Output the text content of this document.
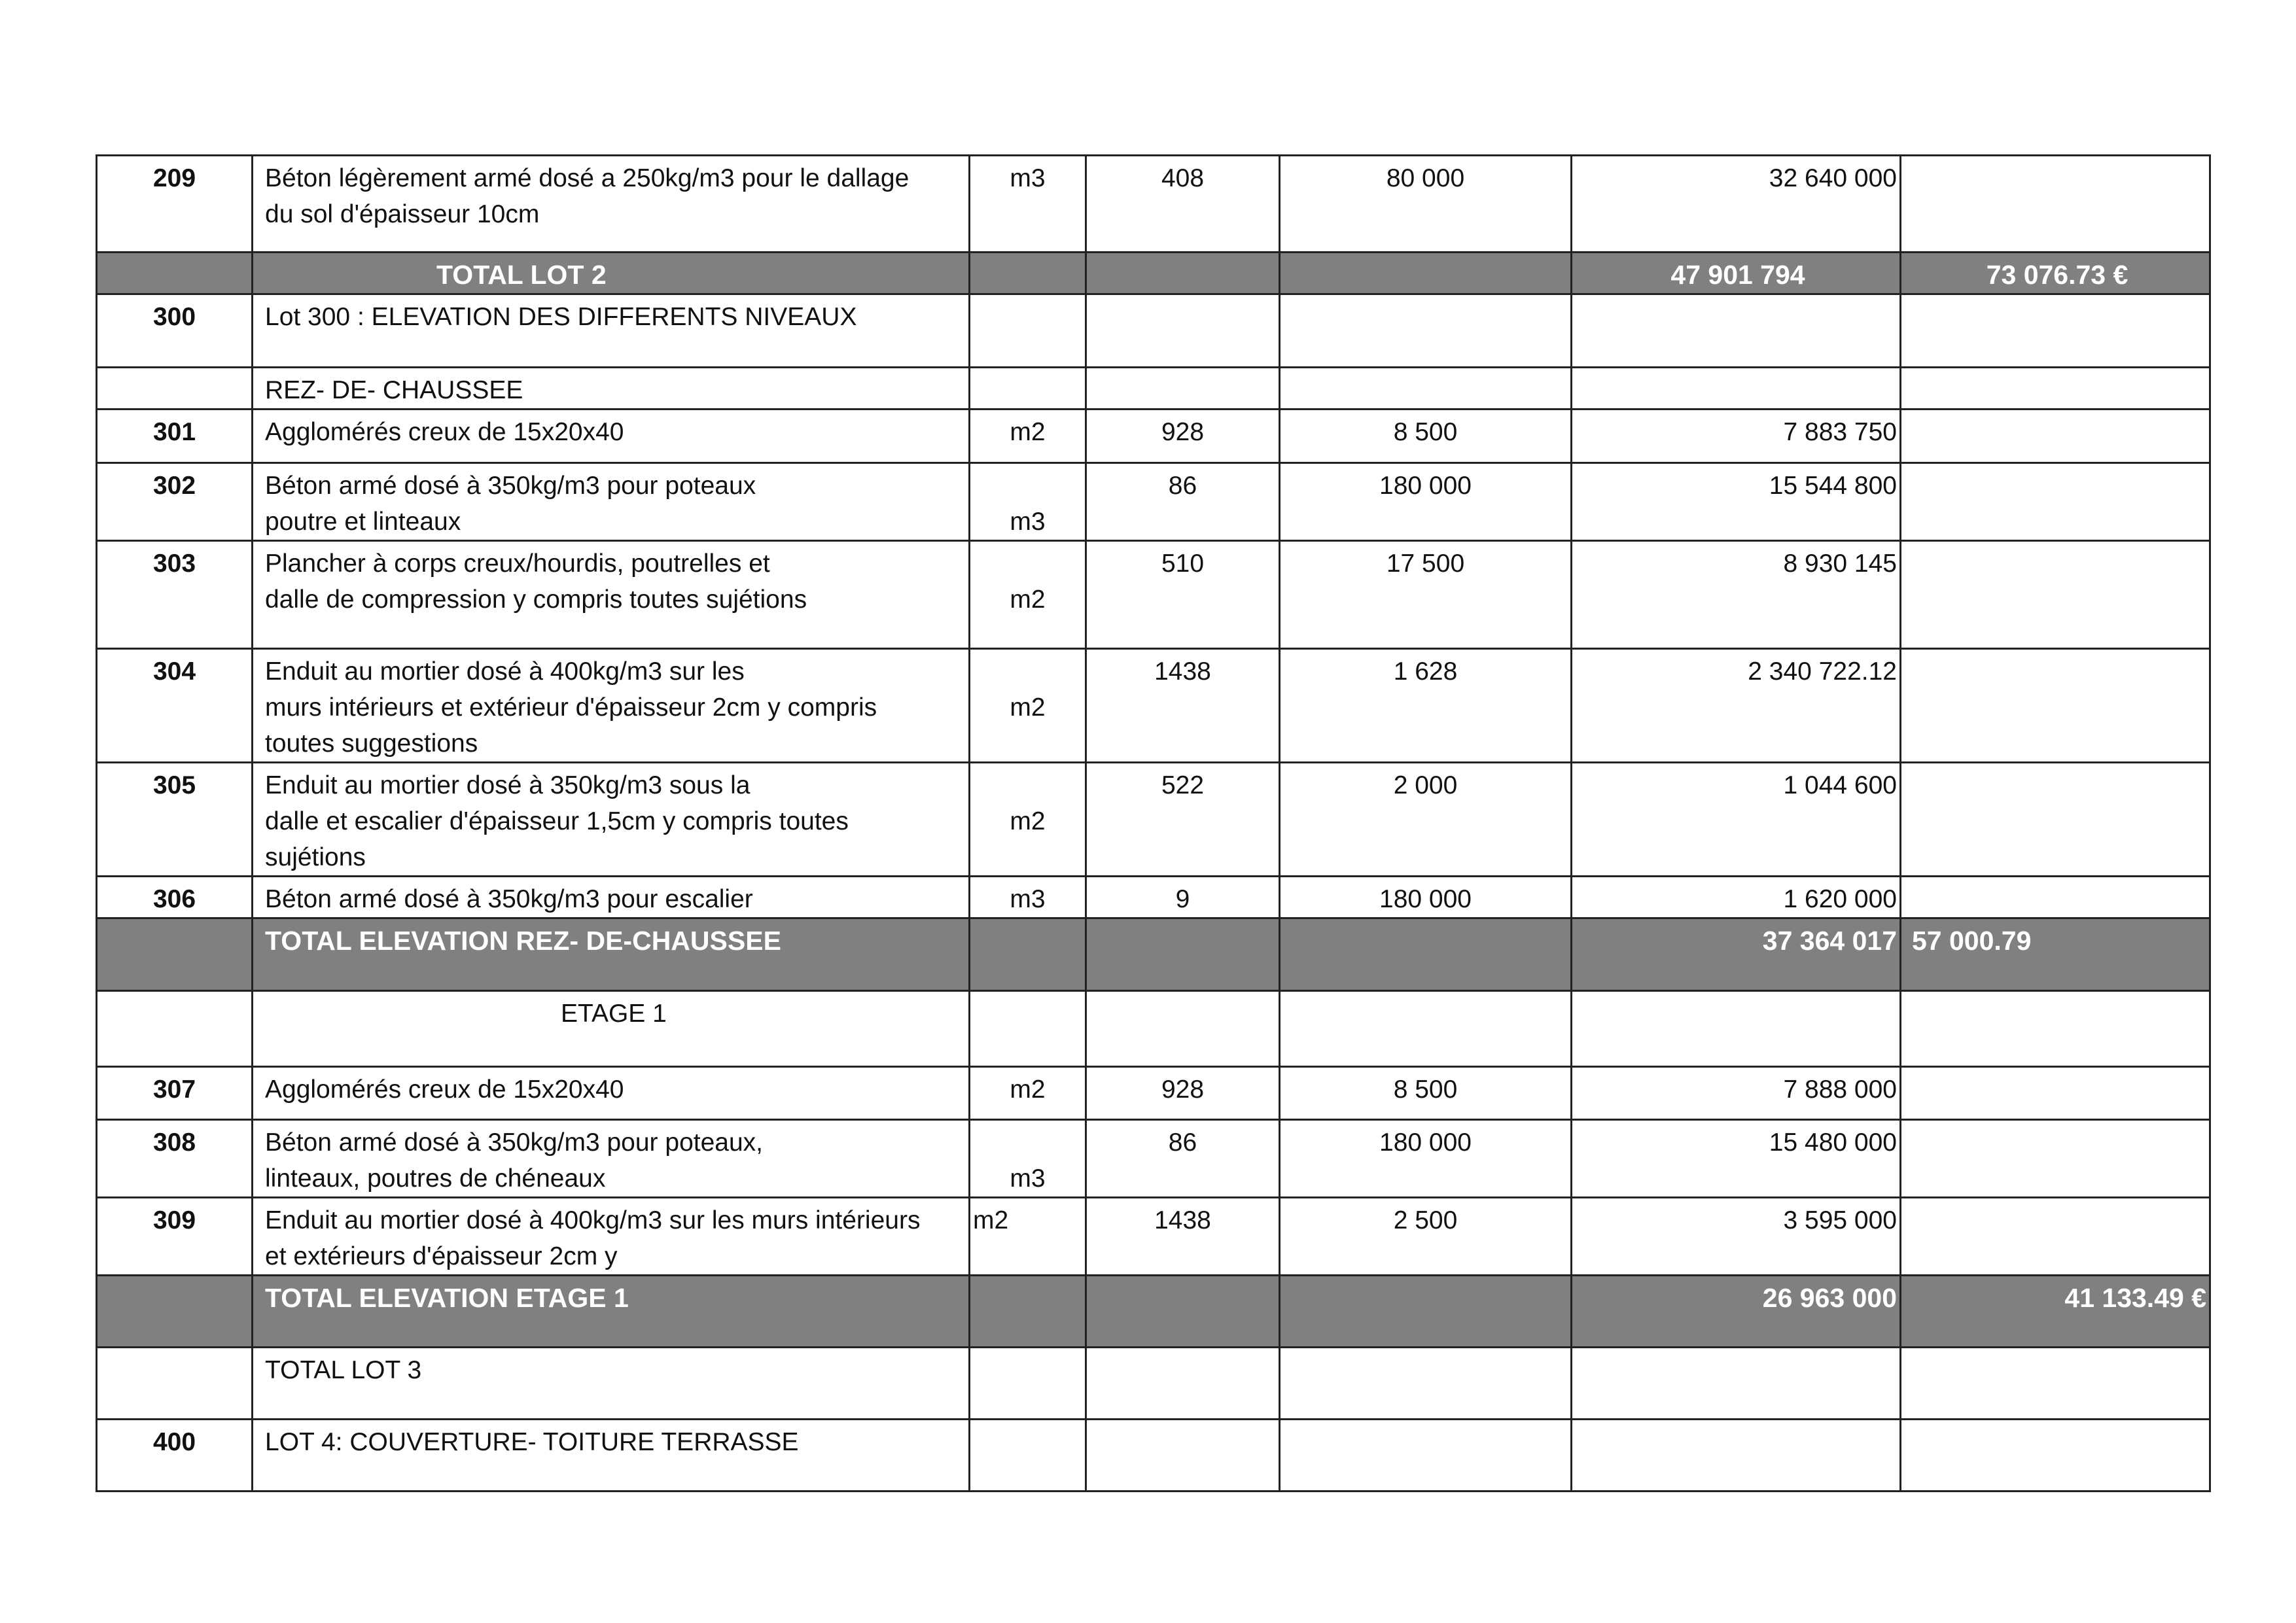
209	Béton légèrement armé dosé a 250kg/m3 pour le dallage
du sol d'épaisseur 10cm	m3	408	80 000	32 640 000	
	TOTAL LOT 2				47 901 794	73 076.73 €
300	Lot 300 : ELEVATION DES DIFFERENTS NIVEAUX					
	REZ- DE- CHAUSSEE					
301	Agglomérés creux de 15x20x40	m2	928	8 500	7 883 750	
302	Béton armé dosé à 350kg/m3 pour poteaux
poutre et linteaux	
m3	86	180 000	15 544 800	
303	Plancher à corps creux/hourdis, poutrelles et
dalle de compression y compris toutes sujétions	
m2	510	17 500	8 930 145	
304	Enduit au mortier dosé à 400kg/m3 sur les
murs intérieurs et extérieur d'épaisseur 2cm y compris
toutes suggestions	
m2	1438	1 628	2 340 722.12	
305	Enduit au mortier dosé à 350kg/m3 sous la
dalle et escalier d'épaisseur 1,5cm y compris toutes
sujétions	
m2	522	2 000	1 044 600	
306	Béton armé dosé à 350kg/m3 pour escalier	m3	9	180 000	1 620 000	
	TOTAL ELEVATION REZ- DE-CHAUSSEE				37 364 017	57 000.79
	ETAGE 1					
307	Agglomérés creux de 15x20x40	m2	928	8 500	7 888 000	
308	Béton armé dosé à 350kg/m3 pour poteaux,
linteaux, poutres de chéneaux	
m3	86	180 000	15 480 000	
309	Enduit au mortier dosé à 400kg/m3 sur les murs intérieurs
et extérieurs d'épaisseur 2cm y	m2	1438	2 500	3 595 000	
	TOTAL ELEVATION ETAGE 1				26 963 000	41 133.49 €
	TOTAL LOT 3					
400	LOT 4: COUVERTURE- TOITURE TERRASSE					
